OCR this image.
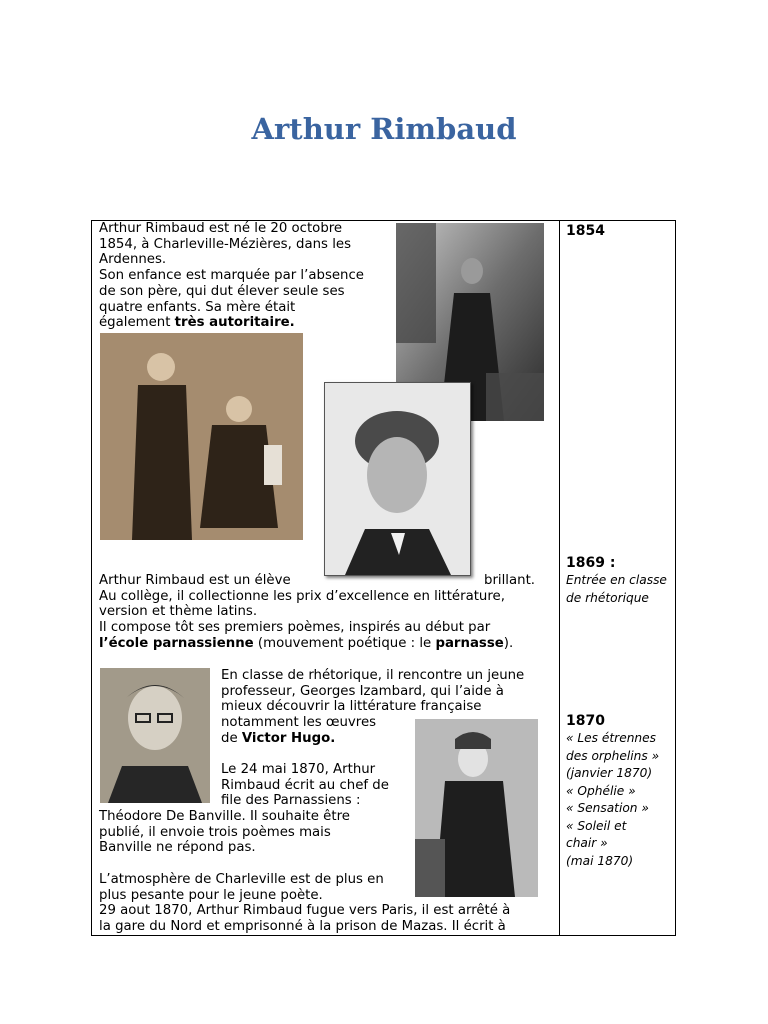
Arthur Rimbaud
Arthur Rimbaud est né le 20 octobre
1854, à Charleville-Mézières, dans les
Ardennes.
Son enfance est marquée par l’absence
de son père, qui dut élever seule ses
quatre enfants. Sa mère était
également très autoritaire.
Arthur Rimbaud est un élève	brillant.
Au collège, il collectionne les prix d’excellence en littérature,
version et thème latins.
Il compose tôt ses premiers poèmes, inspirés au début par
l’école parnassienne (mouvement poétique : le parnasse).
En classe de rhétorique, il rencontre un jeune
professeur, Georges Izambard, qui l’aide à
mieux découvrir la littérature française
notamment les œuvres
de Victor Hugo.
Le 24 mai 1870, Arthur
Rimbaud écrit au chef de
file des Parnassiens :
Théodore De Banville. Il souhaite être
publié, il envoie trois poèmes mais
Banville ne répond pas.
L’atmosphère de Charleville est de plus en
plus pesante pour le jeune poète.
29 aout 1870, Arthur Rimbaud fugue vers Paris, il est arrêté à
la gare du Nord et emprisonné à la prison de Mazas. Il écrit à
1854
1869 :
Entrée en classe
de rhétorique
1870
« Les étrennes
des orphelins »
(janvier 1870)
« Ophélie »
« Sensation »
« Soleil et
chair »
(mai 1870)
